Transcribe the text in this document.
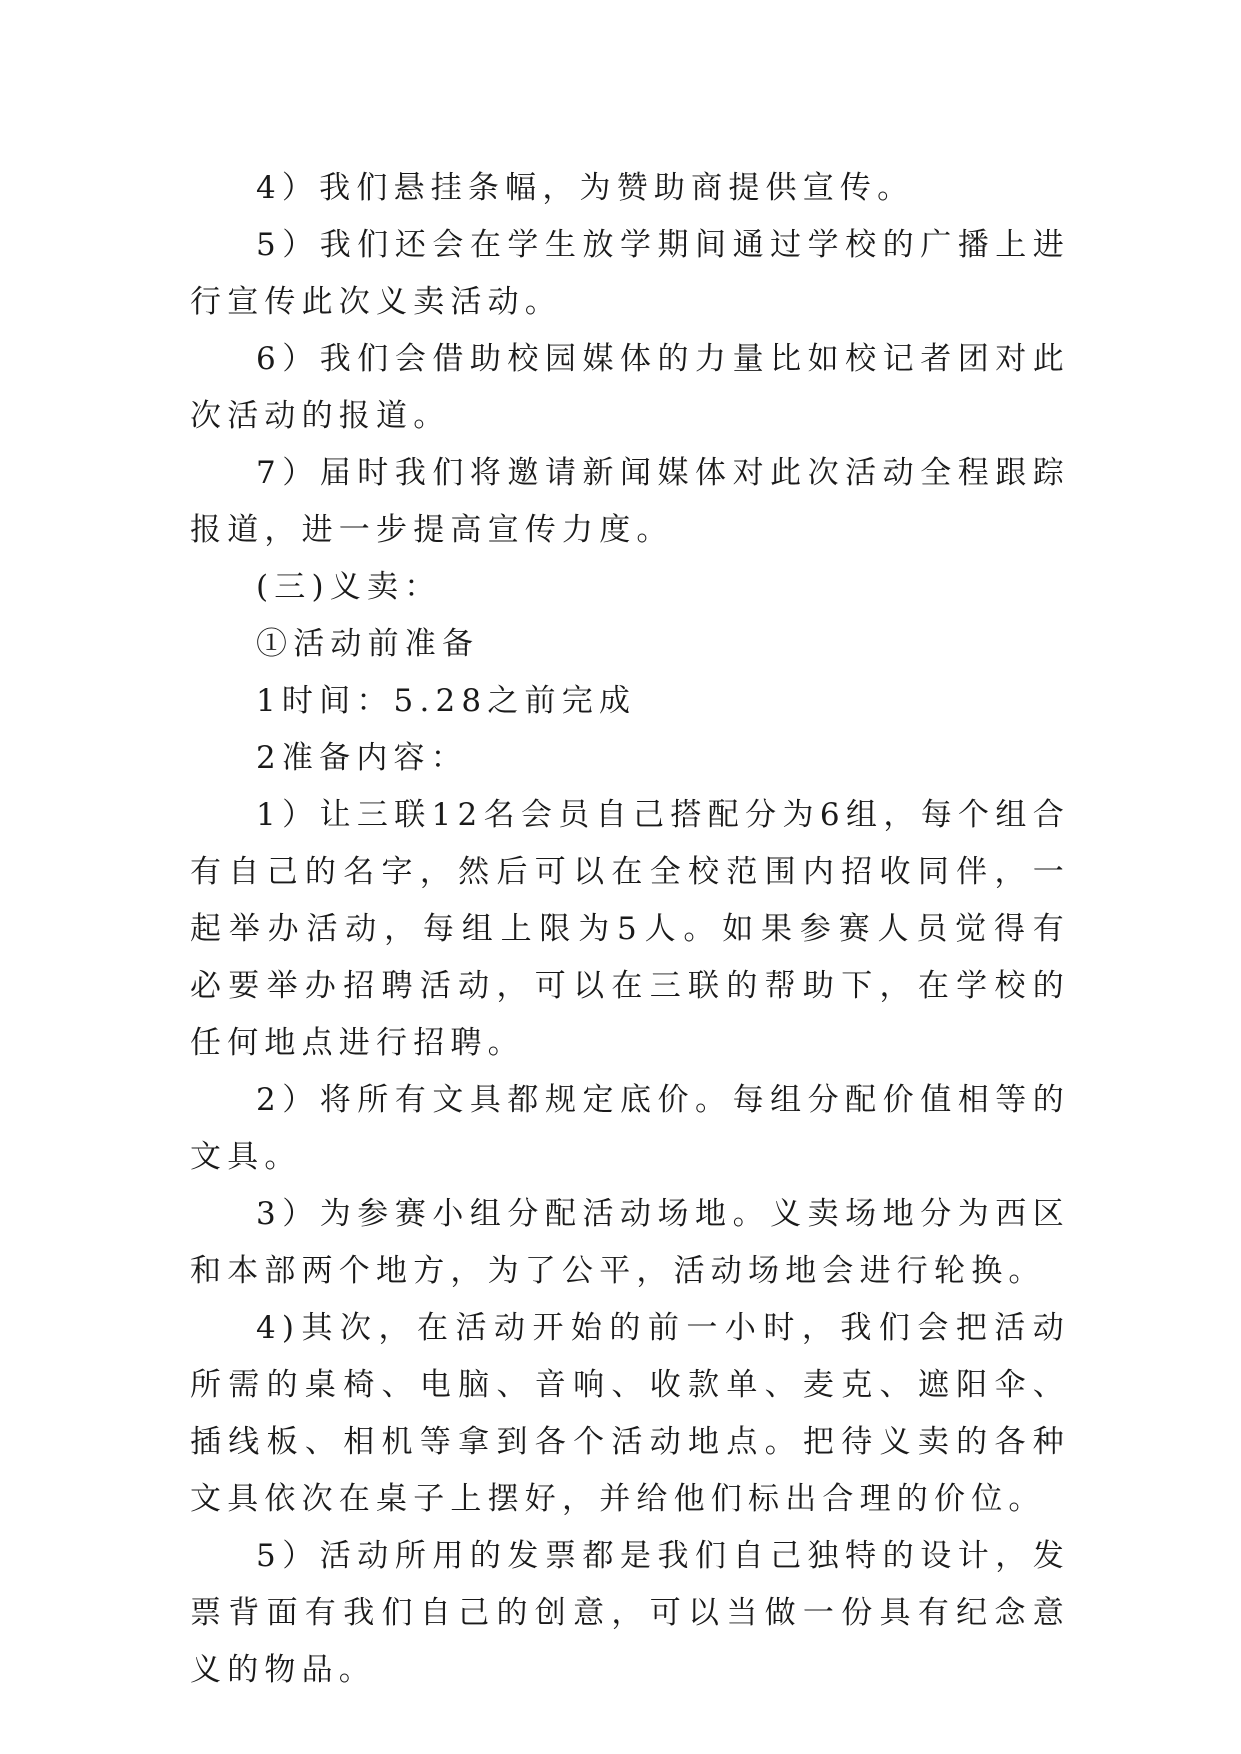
4）我们悬挂条幅，为赞助商提供宣传。

5）我们还会在学生放学期间通过学校的广播上进行宣传此次义卖活动。

6）我们会借助校园媒体的力量比如校记者团对此次活动的报道。

7）届时我们将邀请新闻媒体对此次活动全程跟踪报道，进一步提高宣传力度。

(三)义卖：

①活动前准备

1时间：5.28之前完成

2准备内容：

1）让三联12名会员自己搭配分为6组，每个组合有自己的名字，然后可以在全校范围内招收同伴，一起举办活动，每组上限为5人。如果参赛人员觉得有必要举办招聘活动，可以在三联的帮助下，在学校的任何地点进行招聘。

2）将所有文具都规定底价。每组分配价值相等的文具。

3）为参赛小组分配活动场地。义卖场地分为西区和本部两个地方，为了公平，活动场地会进行轮换。

4)其次，在活动开始的前一小时，我们会把活动所需的桌椅、电脑、音响、收款单、麦克、遮阳伞、插线板、相机等拿到各个活动地点。把待义卖的各种文具依次在桌子上摆好，并给他们标出合理的价位。

5）活动所用的发票都是我们自己独特的设计，发票背面有我们自己的创意，可以当做一份具有纪念意义的物品。
